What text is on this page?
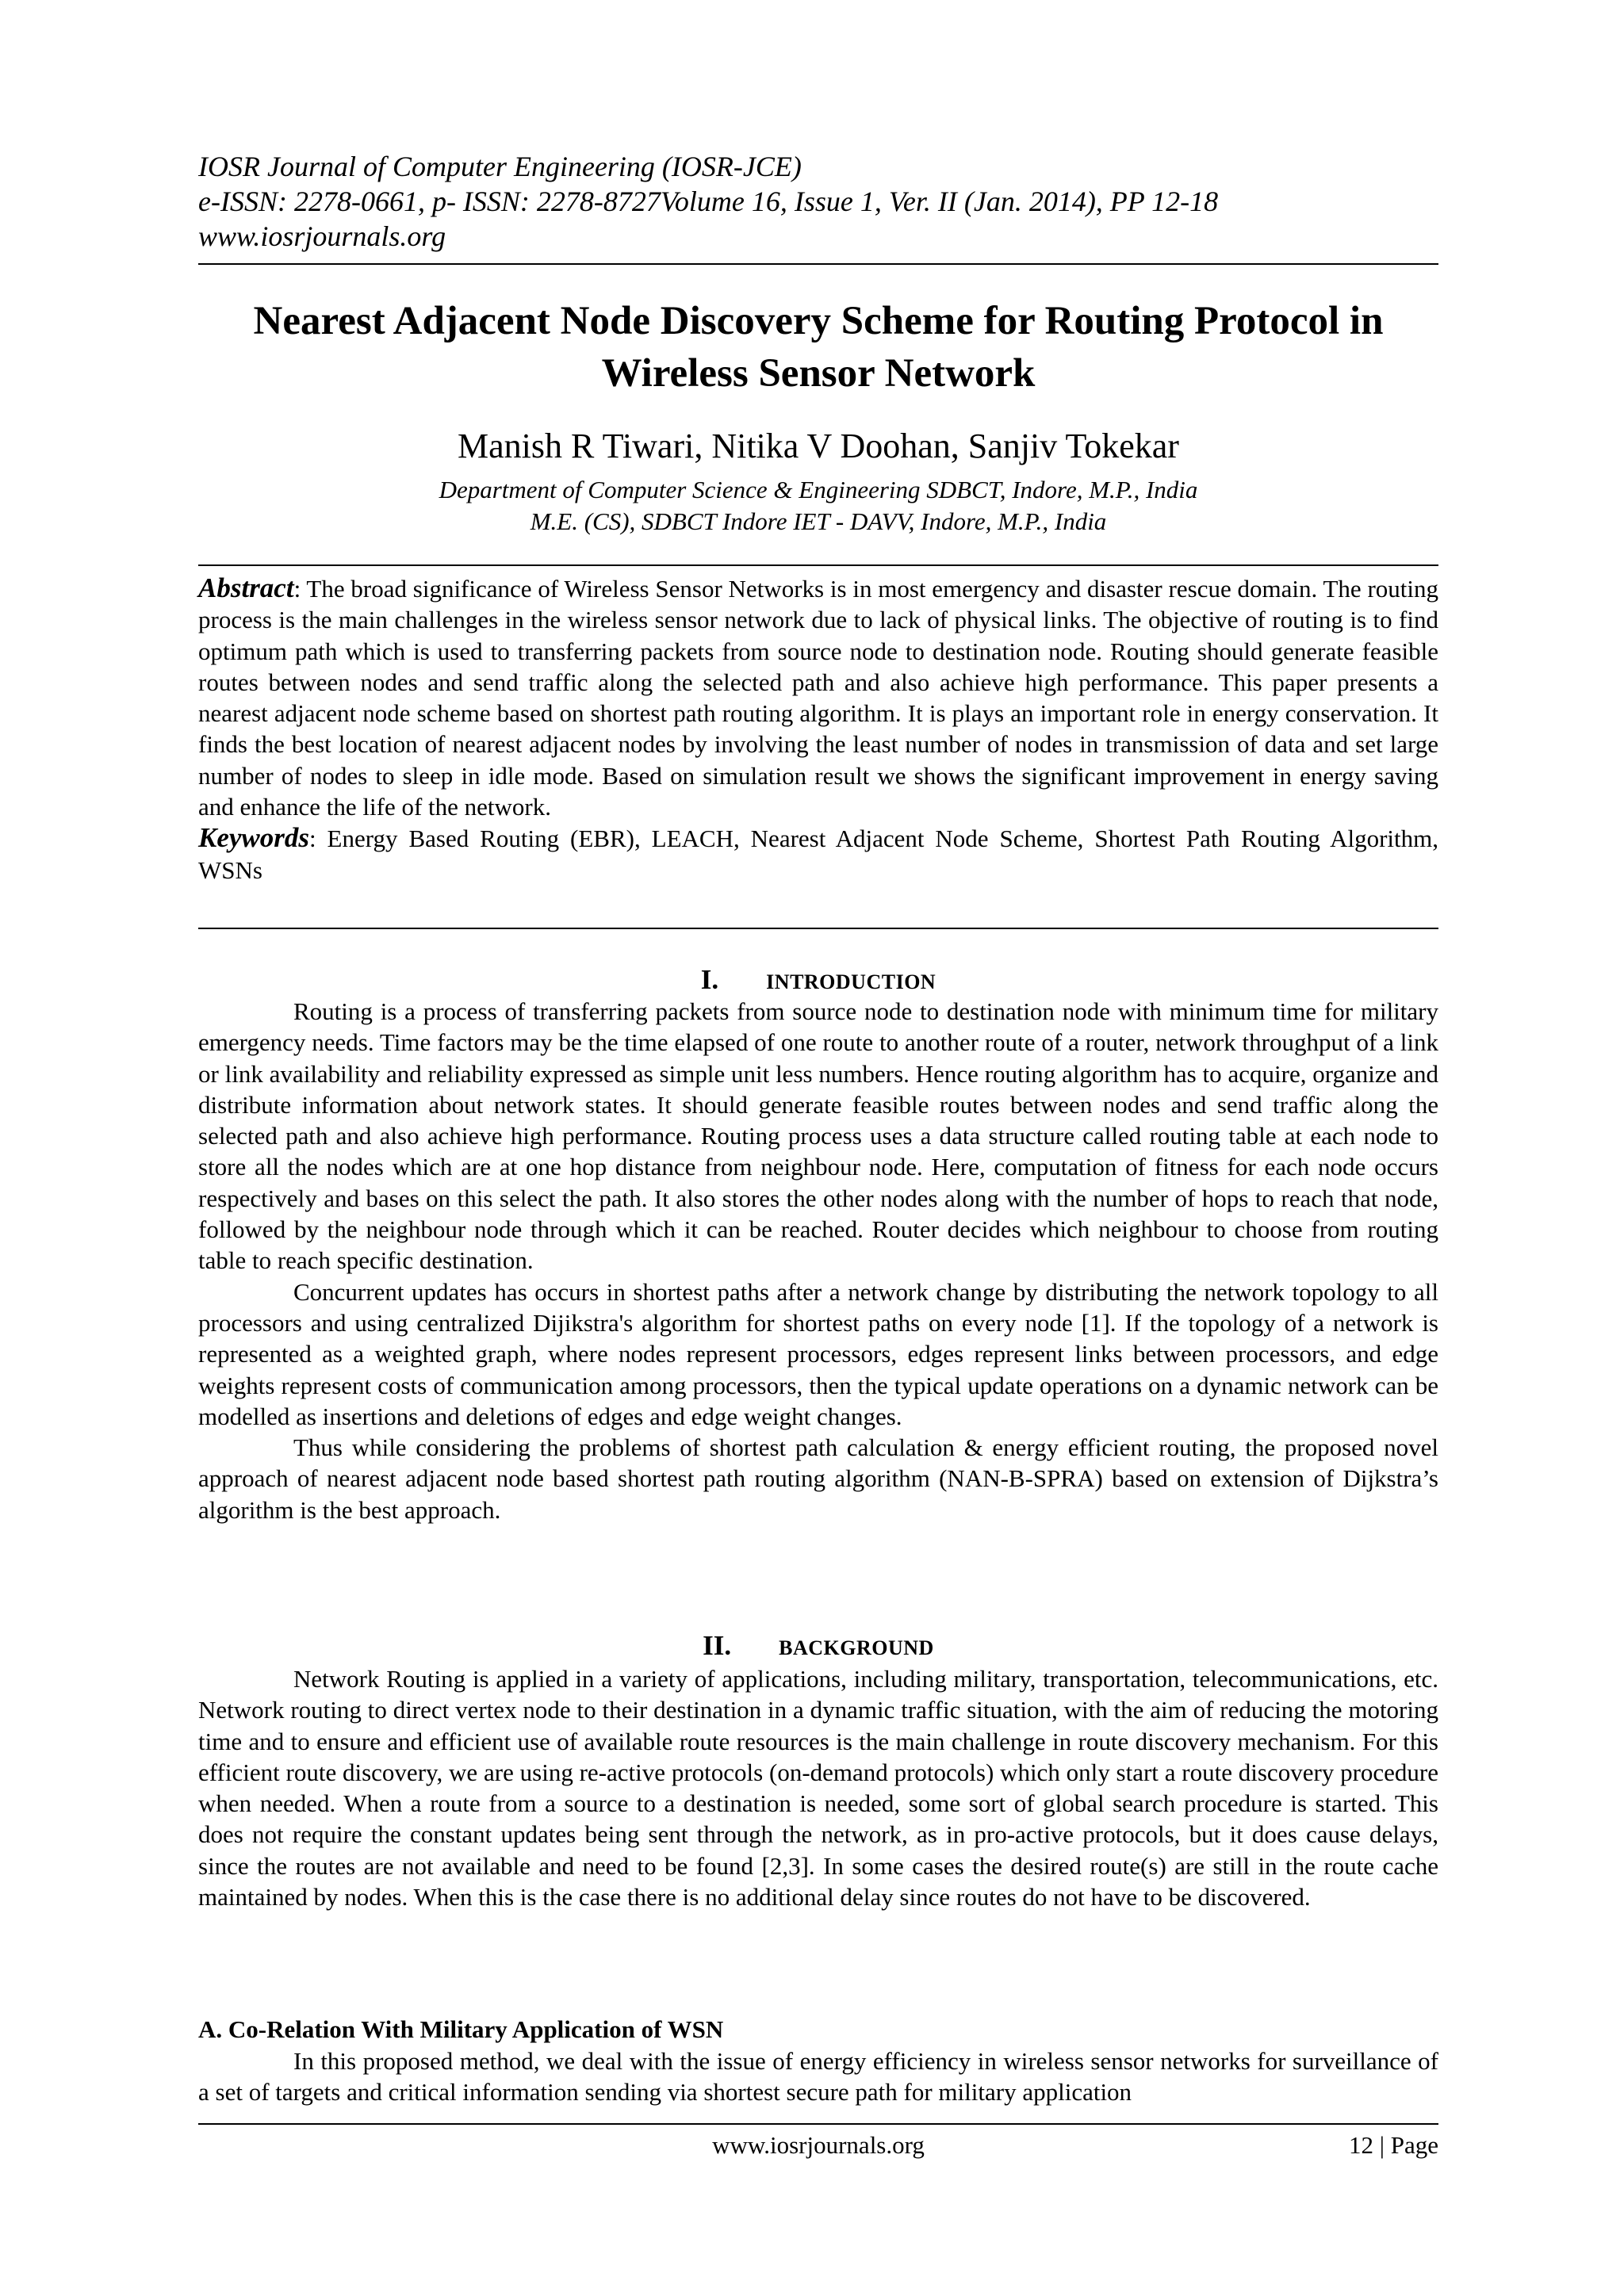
IOSR Journal of Computer Engineering (IOSR-JCE)
e-ISSN: 2278-0661, p- ISSN: 2278-8727Volume 16, Issue 1, Ver. II (Jan. 2014), PP 12-18
www.iosrjournals.org
Nearest Adjacent Node Discovery Scheme for Routing Protocol in
Wireless Sensor Network
Manish R Tiwari, Nitika V Doohan, Sanjiv Tokekar
Department of Computer Science & Engineering SDBCT, Indore, M.P., India
M.E. (CS), SDBCT Indore IET - DAVV, Indore, M.P., India

Abstract: The broad significance of Wireless Sensor Networks is in most emergency and disaster rescue domain. The routing process is the main challenges in the wireless sensor network due to lack of physical links. The objective of routing is to find optimum path which is used to transferring packets from source node to destination node. Routing should generate feasible routes between nodes and send traffic along the selected path and also achieve high performance. This paper presents a nearest adjacent node scheme based on shortest path routing algorithm. It is plays an important role in energy conservation. It finds the best location of nearest adjacent nodes by involving the least number of nodes in transmission of data and set large number of nodes to sleep in idle mode. Based on simulation result we shows the significant improvement in energy saving and enhance the life of the network.

Keywords: Energy Based Routing (EBR), LEACH, Nearest Adjacent Node Scheme, Shortest Path Routing Algorithm, WSNs

I. INTRODUCTION

Routing is a process of transferring packets from source node to destination node with minimum time for military emergency needs. Time factors may be the time elapsed of one route to another route of a router, network throughput of a link or link availability and reliability expressed as simple unit less numbers. Hence routing algorithm has to acquire, organize and distribute information about network states. It should generate feasible routes between nodes and send traffic along the selected path and also achieve high performance. Routing process uses a data structure called routing table at each node to store all the nodes which are at one hop distance from neighbour node. Here, computation of fitness for each node occurs respectively and bases on this select the path. It also stores the other nodes along with the number of hops to reach that node, followed by the neighbour node through which it can be reached. Router decides which neighbour to choose from routing table to reach specific destination.

Concurrent updates has occurs in shortest paths after a network change by distributing the network topology to all processors and using centralized Dijikstra's algorithm for shortest paths on every node [1]. If the topology of a network is represented as a weighted graph, where nodes represent processors, edges represent links between processors, and edge weights represent costs of communication among processors, then the typical update operations on a dynamic network can be modelled as insertions and deletions of edges and edge weight changes.

Thus while considering the problems of shortest path calculation & energy efficient routing, the proposed novel approach of nearest adjacent node based shortest path routing algorithm (NAN-B-SPRA) based on extension of Dijkstra’s algorithm is the best approach.

II. BACKGROUND

Network Routing is applied in a variety of applications, including military, transportation, telecommunications, etc. Network routing to direct vertex node to their destination in a dynamic traffic situation, with the aim of reducing the motoring time and to ensure and efficient use of available route resources is the main challenge in route discovery mechanism. For this efficient route discovery, we are using re-active protocols (on-demand protocols) which only start a route discovery procedure when needed. When a route from a source to a destination is needed, some sort of global search procedure is started. This does not require the constant updates being sent through the network, as in pro-active protocols, but it does cause delays, since the routes are not available and need to be found [2,3]. In some cases the desired route(s) are still in the route cache maintained by nodes. When this is the case there is no additional delay since routes do not have to be discovered.

A. Co-Relation With Military Application of WSN

In this proposed method, we deal with the issue of energy efficiency in wireless sensor networks for surveillance of a set of targets and critical information sending via shortest secure path for military application

www.iosrjournals.org	12 | Page
